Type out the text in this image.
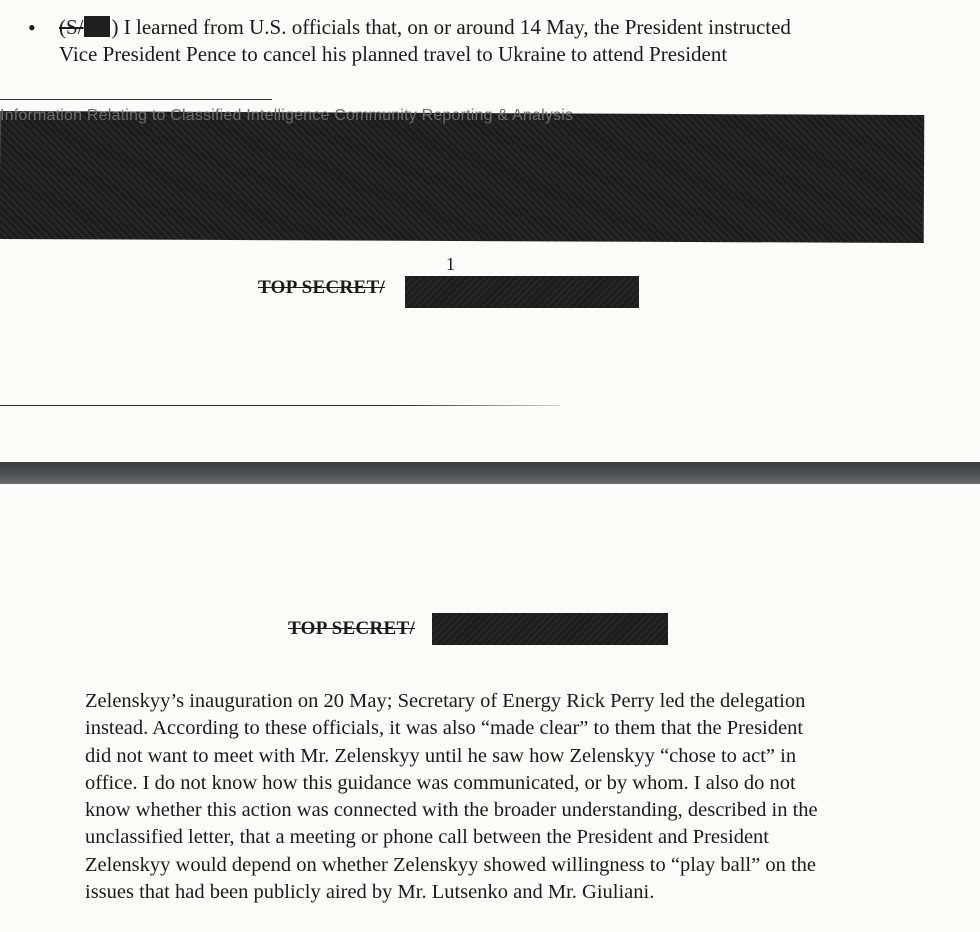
• (S/ ) I learned from U.S. officials that, on or around 14 May, the President instructed
Vice President Pence to cancel his planned travel to Ukraine to attend President
Information Relating to Classified Intelligence Community Reporting & Analysis
1
TOP SECRET/
TOP SECRET/
Zelenskyy’s inauguration on 20 May; Secretary of Energy Rick Perry led the delegation
instead. According to these officials, it was also “made clear” to them that the President
did not want to meet with Mr. Zelenskyy until he saw how Zelenskyy “chose to act” in
office. I do not know how this guidance was communicated, or by whom. I also do not
know whether this action was connected with the broader understanding, described in the
unclassified letter, that a meeting or phone call between the President and President
Zelenskyy would depend on whether Zelenskyy showed willingness to “play ball” on the
issues that had been publicly aired by Mr. Lutsenko and Mr. Giuliani.
